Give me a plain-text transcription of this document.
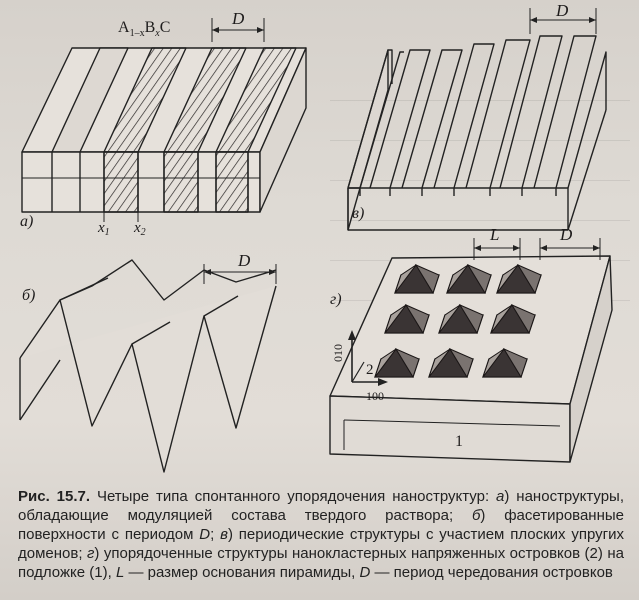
$A_{1-x}B_xC$	D
а)	$x_1$ $x_2$
D
б)
D
в)
L	D
г)
010
100
2
1
Рис. 15.7. Четыре типа спонтанного упорядочения наноструктур: а) наноструктуры, обладающие модуляцией состава твердого раствора; б) фасетированные поверхности с периодом D; в) периодические структуры с участием плоских упругих доменов; г) упорядоченные структуры нанокластерных напряженных островков (2) на подложке (1), L — размер основания пирамиды, D — период чередования островков
